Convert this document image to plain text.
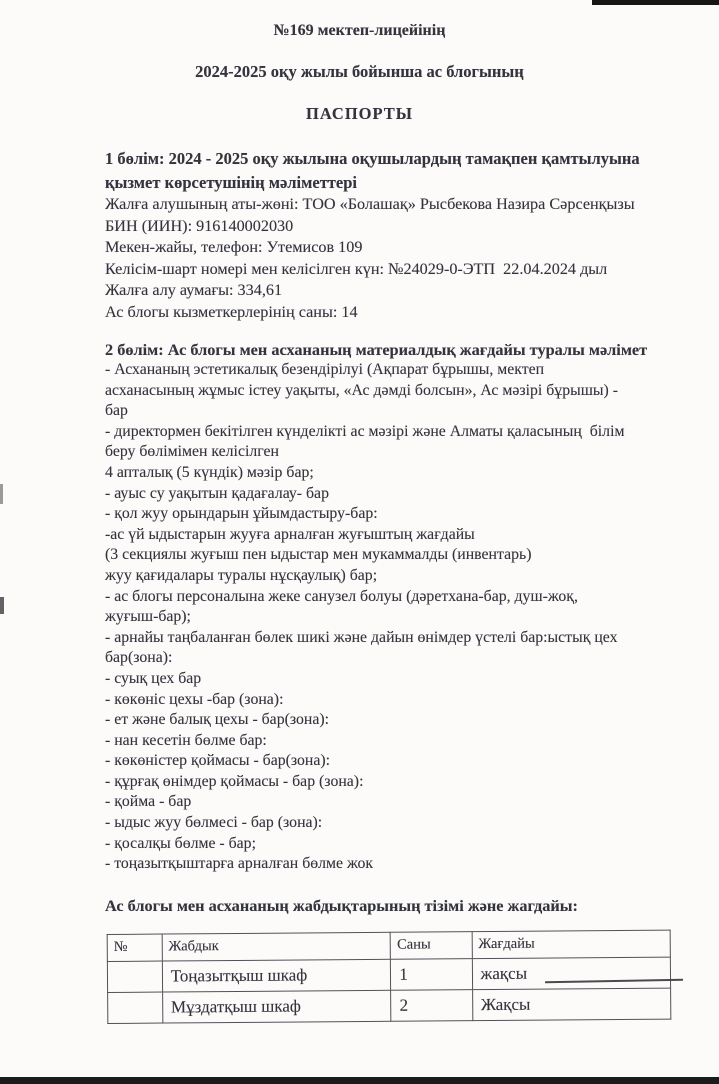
№169 мектеп-лицейінің
2024-2025 оқу жылы бойынша ас блогының
ПАСПОРТЫ
1 бөлім: 2024 - 2025 оқу жылына оқушылардың тамақпен қамтылуына
қызмет көрсетушінің мәліметтері
Жалға алушының аты-жөні: ТОО «Болашақ» Рысбекова Назира Сәрсенқызы
БИН (ИИН): 916140002030
Мекен-жайы, телефон: Утемисов 109
Келісім-шарт номері мен келісілген күн: №24029-0-ЭТП  22.04.2024 дыл
Жалға алу аумағы: 334,61
Ас блогы кызметкерлерінің саны: 14
2 бөлім: Ас блогы мен асхананың материалдық жағдайы туралы мәлімет
- Асхананың эстетикалық безендірілуі (Ақпарат бұрышы, мектеп
асханасының жұмыс істеу уақыты, «Ас дәмді болсын», Ас мәзірі бұрышы) -
бар
- директормен бекітілген күнделікті ас мәзірі және Алматы қаласының  білім
беру бөлімімен келісілген
4 апталық (5 күндік) мәзір бар;
- ауыс су уақытын қадағалау- бар
- қол жуу орындарын ұйымдастыру-бар:
-ас үй ыдыстарын жууға арналған жуғыштың жағдайы
(3 секциялы жуғыш пен ыдыстар мен мукаммалды (инвентарь)
жуу қағидалары туралы нұсқаулық) бар;
- ас блогы персоналына жеке санузел болуы (дәретхана-бар, душ-жоқ,
жуғыш-бар);
- арнайы таңбаланған бөлек шикі және дайын өнімдер үстелі бар:ыстық цех
бар(зона):
- суық цех бар
- көкөніс цехы -бар (зона):
- ет және балық цехы - бар(зона):
- нан кесетін бөлме бар:
- көкөністер қоймасы - бар(зона):
- құрғақ өнімдер қоймасы - бар (зона):
- қойма - бар
- ыдыс жуу бөлмесі - бар (зона):
- қосалқы бөлме - бар;
- тоңазытқыштарға арналған бөлме жок
Ас блогы мен асхананың жабдықтарының тізімі және жагдайы:
№	Жабдык	Саны	Жағдайы
	Тоңазытқыш шкаф	1	жақсы

	Мұздатқыш шкаф	2	Жақсы
